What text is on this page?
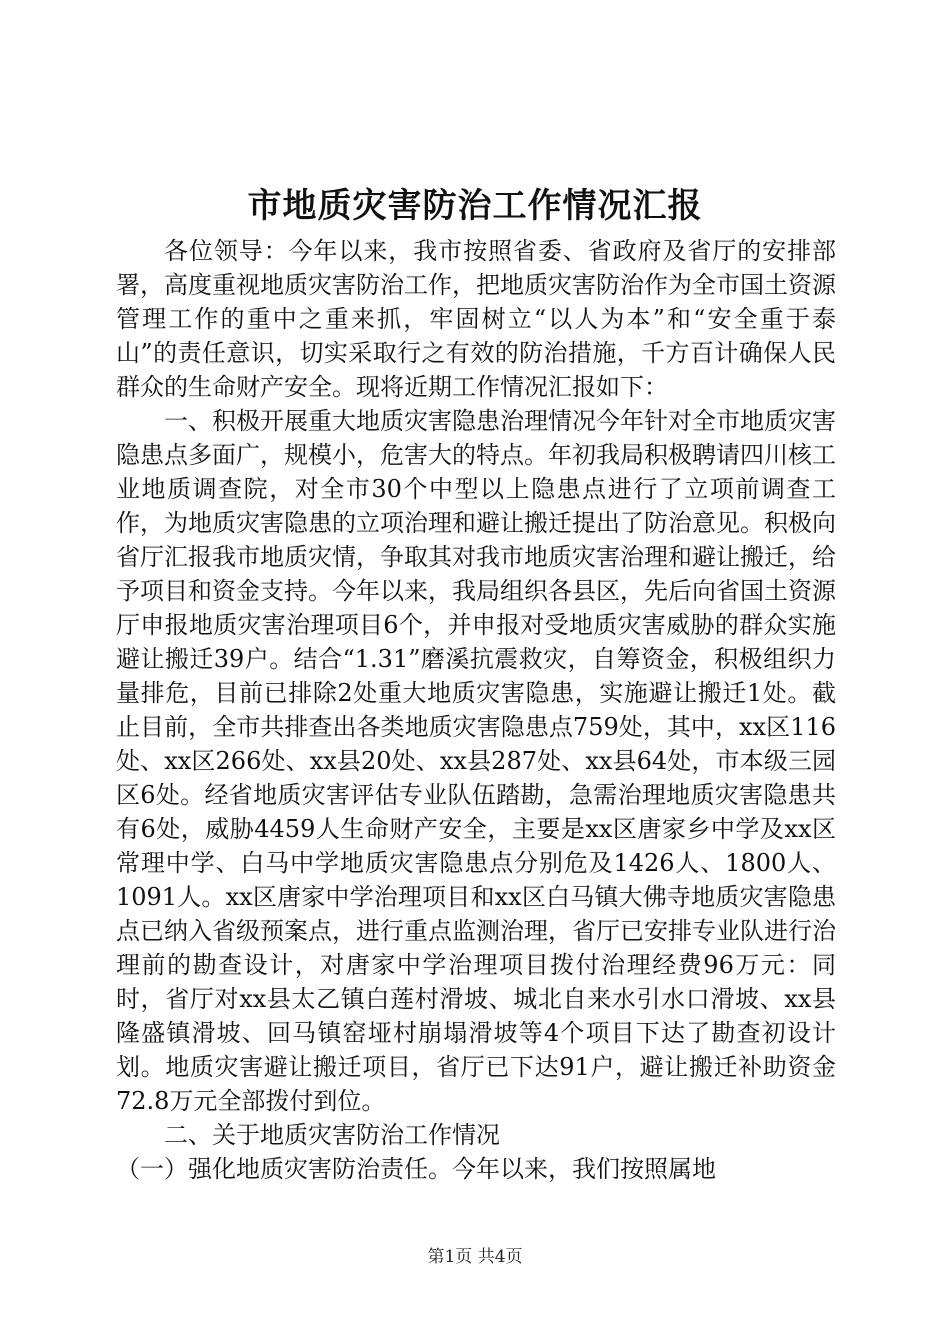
市地质灾害防治工作情况汇报

各位领导：今年以来，我市按照省委、省政府及省厅的安排部署，高度重视地质灾害防治工作，把地质灾害防治作为全市国土资源管理工作的重中之重来抓，牢固树立“以人为本”和“安全重于泰山”的责任意识，切实采取行之有效的防治措施，千方百计确保人民群众的生命财产安全。现将近期工作情况汇报如下：

一、积极开展重大地质灾害隐患治理情况今年针对全市地质灾害隐患点多面广，规模小，危害大的特点。年初我局积极聘请四川核工业地质调查院，对全市30个中型以上隐患点进行了立项前调查工作，为地质灾害隐患的立项治理和避让搬迁提出了防治意见。积极向省厅汇报我市地质灾情，争取其对我市地质灾害治理和避让搬迁，给予项目和资金支持。今年以来，我局组织各县区，先后向省国土资源厅申报地质灾害治理项目6个，并申报对受地质灾害威胁的群众实施避让搬迁39户。结合“1.31”磨溪抗震救灾，自筹资金，积极组织力量排危，目前已排除2处重大地质灾害隐患，实施避让搬迁1处。截止目前，全市共排查出各类地质灾害隐患点759处，其中，xx区116处、xx区266处、xx县20处、xx县287处、xx县64处，市本级三园区6处。经省地质灾害评估专业队伍踏勘，急需治理地质灾害隐患共有6处，威胁4459人生命财产安全，主要是xx区唐家乡中学及xx区常理中学、白马中学地质灾害隐患点分别危及1426人、1800人、1091人。xx区唐家中学治理项目和xx区白马镇大佛寺地质灾害隐患点已纳入省级预案点，进行重点监测治理，省厅已安排专业队进行治理前的勘查设计，对唐家中学治理项目拨付治理经费96万元：同时，省厅对xx县太乙镇白莲村滑坡、城北自来水引水口滑坡、xx县隆盛镇滑坡、回马镇窑垭村崩塌滑坡等4个项目下达了勘查初设计划。地质灾害避让搬迁项目，省厅已下达91户，避让搬迁补助资金72.8万元全部拨付到位。

二、关于地质灾害防治工作情况

（一）强化地质灾害防治责任。今年以来，我们按照属地

第1页 共4页
